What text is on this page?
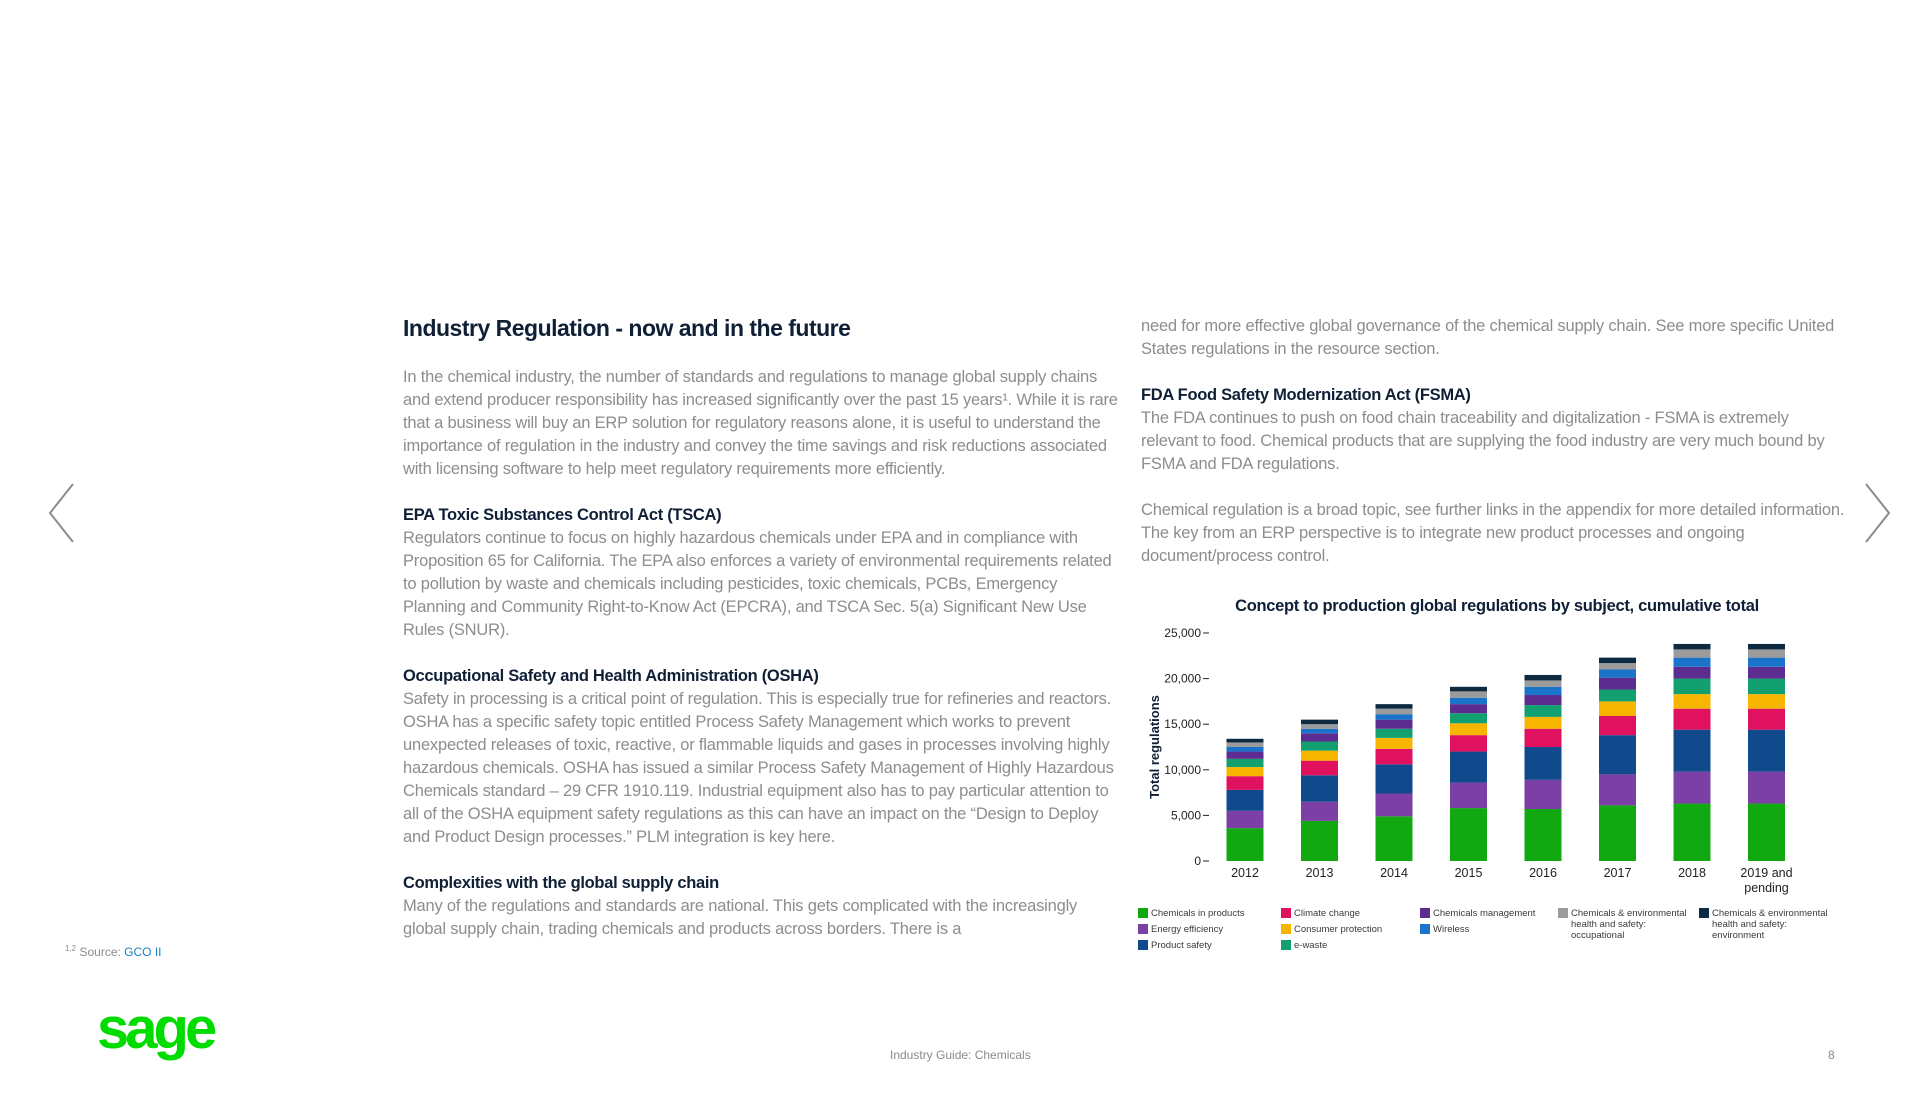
Industry Regulation - now and in the future

In the chemical industry, the number of standards and regulations to manage global supply chains and extend producer responsibility has increased significantly over the past 15 years¹. While it is rare that a business will buy an ERP solution for regulatory reasons alone, it is useful to understand the importance of regulation in the industry and convey the time savings and risk reductions associated with licensing software to help meet regulatory requirements more efficiently.

EPA Toxic Substances Control Act (TSCA)

Regulators continue to focus on highly hazardous chemicals under EPA and in compliance with Proposition 65 for California. The EPA also enforces a variety of environmental requirements related to pollution by waste and chemicals including pesticides, toxic chemicals, PCBs, Emergency Planning and Community Right-to-Know Act (EPCRA), and TSCA Sec. 5(a) Significant New Use Rules (SNUR).

Occupational Safety and Health Administration (OSHA)

Safety in processing is a critical point of regulation. This is especially true for refineries and reactors. OSHA has a specific safety topic entitled Process Safety Management which works to prevent unexpected releases of toxic, reactive, or flammable liquids and gases in processes involving highly hazardous chemicals. OSHA has issued a similar Process Safety Management of Highly Hazardous Chemicals standard – 29 CFR 1910.119. Industrial equipment also has to pay particular attention to all of the OSHA equipment safety regulations as this can have an impact on the “Design to Deploy and Product Design processes.” PLM integration is key here.

Complexities with the global supply chain

Many of the regulations and standards are national. This gets complicated with the increasingly global supply chain, trading chemicals and products across borders. There is a

need for more effective global governance of the chemical supply chain. See more specific United States regulations in the resource section.

FDA Food Safety Modernization Act (FSMA)

The FDA continues to push on food chain traceability and digitalization - FSMA is extremely relevant to food. Chemical products that are supplying the food industry are very much bound by FSMA and FDA regulations.

Chemical regulation is a broad topic, see further links in the appendix for more detailed information. The key from an ERP perspective is to integrate new product processes and ongoing document/process control.

Concept to production global regulations by subject, cumulative total
Total regulations
25,000
20,000
15,000
10,000
5,000
0
2012	2013	2014	2015	2016	2017	2018	2019 and pending
Chemicals in products	Climate change	Chemicals management	Chemicals & environmental health and safety: occupational
Chemicals & environmental health and safety: environment
Energy efficiency	Consumer protection	Wireless
Product safety	e-waste
$^{1,2}$ Source: GCO II
sage	Industry Guide: Chemicals	8
